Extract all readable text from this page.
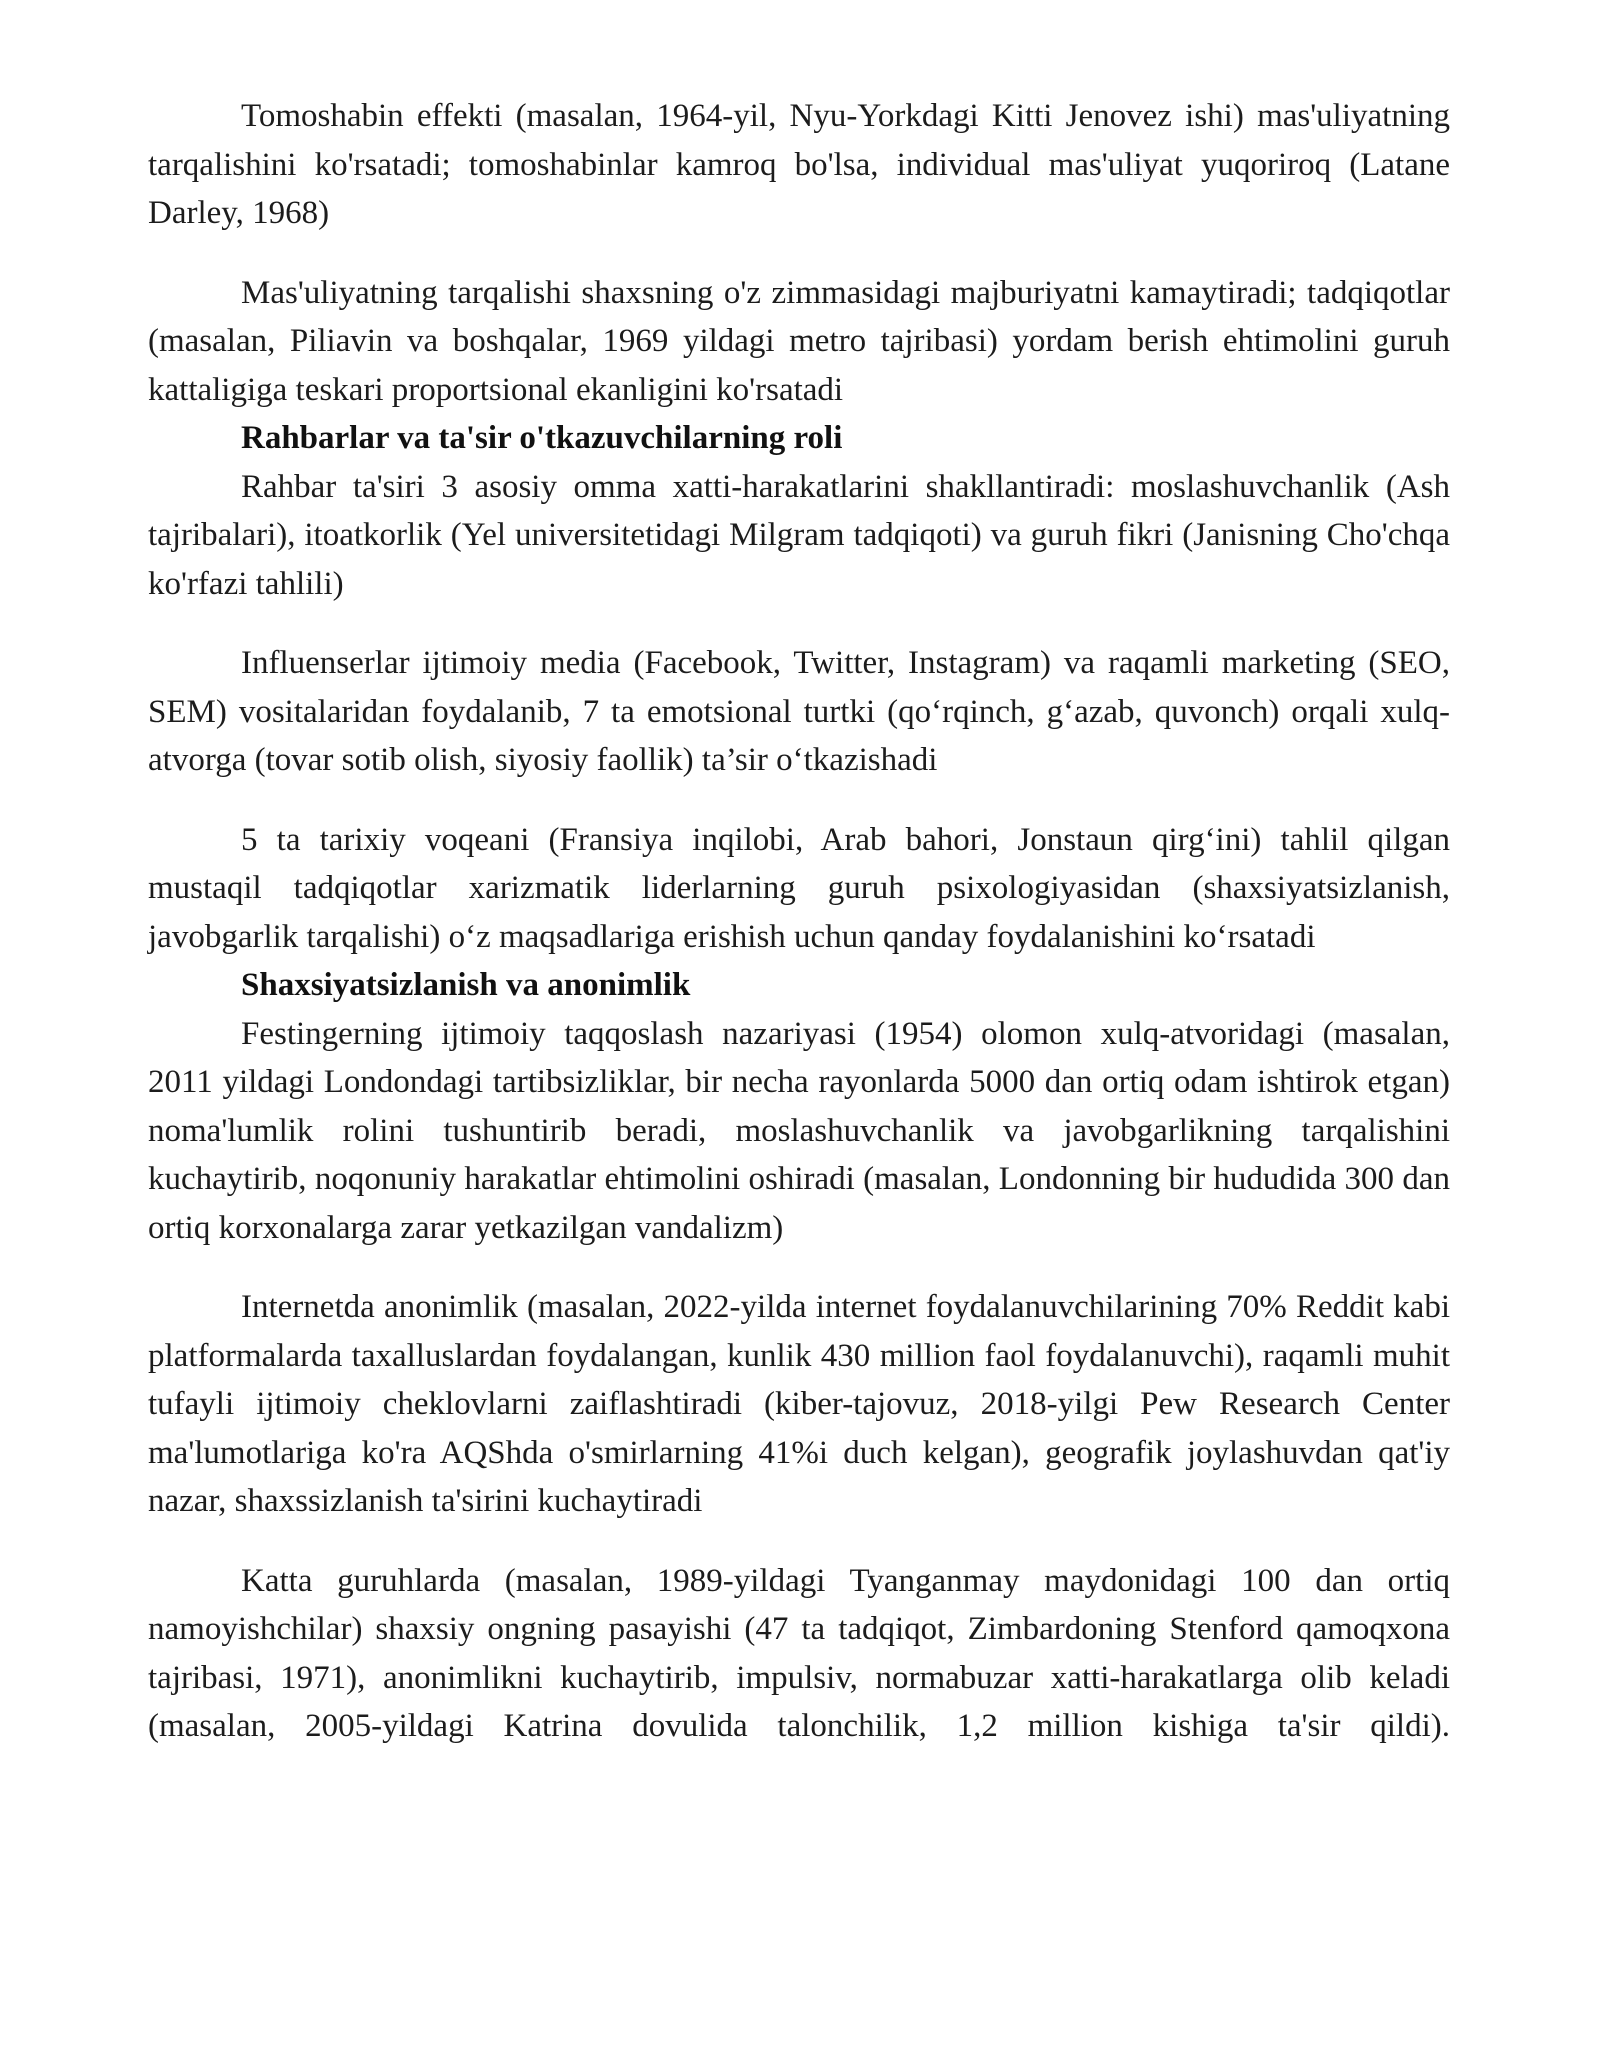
Tomoshabin effekti (masalan, 1964-yil, Nyu-Yorkdagi Kitti Jenovez ishi) mas'uliyatning tarqalishini ko'rsatadi; tomoshabinlar kamroq bo'lsa, individual mas'uliyat yuqoriroq (Latane Darley, 1968)

Mas'uliyatning tarqalishi shaxsning o'z zimmasidagi majburiyatni kamaytiradi; tadqiqotlar (masalan, Piliavin va boshqalar, 1969 yildagi metro tajribasi) yordam berish ehtimolini guruh kattaligiga teskari proportsional ekanligini ko'rsatadi

Rahbarlar va ta'sir o'tkazuvchilarning roli

Rahbar ta'siri 3 asosiy omma xatti-harakatlarini shakllantiradi: moslashuvchanlik (Ash tajribalari), itoatkorlik (Yel universitetidagi Milgram tadqiqoti) va guruh fikri (Janisning Cho'chqa ko'rfazi tahlili)

Influenserlar ijtimoiy media (Facebook, Twitter, Instagram) va raqamli marketing (SEO, SEM) vositalaridan foydalanib, 7 ta emotsional turtki (qo‘rqinch, g‘azab, quvonch) orqali xulq-atvorga (tovar sotib olish, siyosiy faollik) ta’sir o‘tkazishadi

5 ta tarixiy voqeani (Fransiya inqilobi, Arab bahori, Jonstaun qirg‘ini) tahlil qilgan mustaqil tadqiqotlar xarizmatik liderlarning guruh psixologiyasidan (shaxsiyatsizlanish, javobgarlik tarqalishi) o‘z maqsadlariga erishish uchun qanday foydalanishini ko‘rsatadi

Shaxsiyatsizlanish va anonimlik

Festingerning ijtimoiy taqqoslash nazariyasi (1954) olomon xulq-atvoridagi (masalan, 2011 yildagi Londondagi tartibsizliklar, bir necha rayonlarda 5000 dan ortiq odam ishtirok etgan) noma'lumlik rolini tushuntirib beradi, moslashuvchanlik va javobgarlikning tarqalishini kuchaytirib, noqonuniy harakatlar ehtimolini oshiradi (masalan, Londonning bir hududida 300 dan ortiq korxonalarga zarar yetkazilgan vandalizm)

Internetda anonimlik (masalan, 2022-yilda internet foydalanuvchilarining 70% Reddit kabi platformalarda taxalluslardan foydalangan, kunlik 430 million faol foydalanuvchi), raqamli muhit tufayli ijtimoiy cheklovlarni zaiflashtiradi (kiber-tajovuz, 2018-yilgi Pew Research Center ma'lumotlariga ko'ra AQShda o'smirlarning 41%i duch kelgan), geografik joylashuvdan qat'iy nazar, shaxssizlanish ta'sirini kuchaytiradi

Katta guruhlarda (masalan, 1989-yildagi Tyanganmay maydonidagi 100 dan ortiq namoyishchilar) shaxsiy ongning pasayishi (47 ta tadqiqot, Zimbardoning Stenford qamoqxona tajribasi, 1971), anonimlikni kuchaytirib, impulsiv, normabuzar xatti-harakatlarga olib keladi (masalan, 2005-yildagi Katrina dovulida talonchilik, 1,2 million kishiga ta'sir qildi).
